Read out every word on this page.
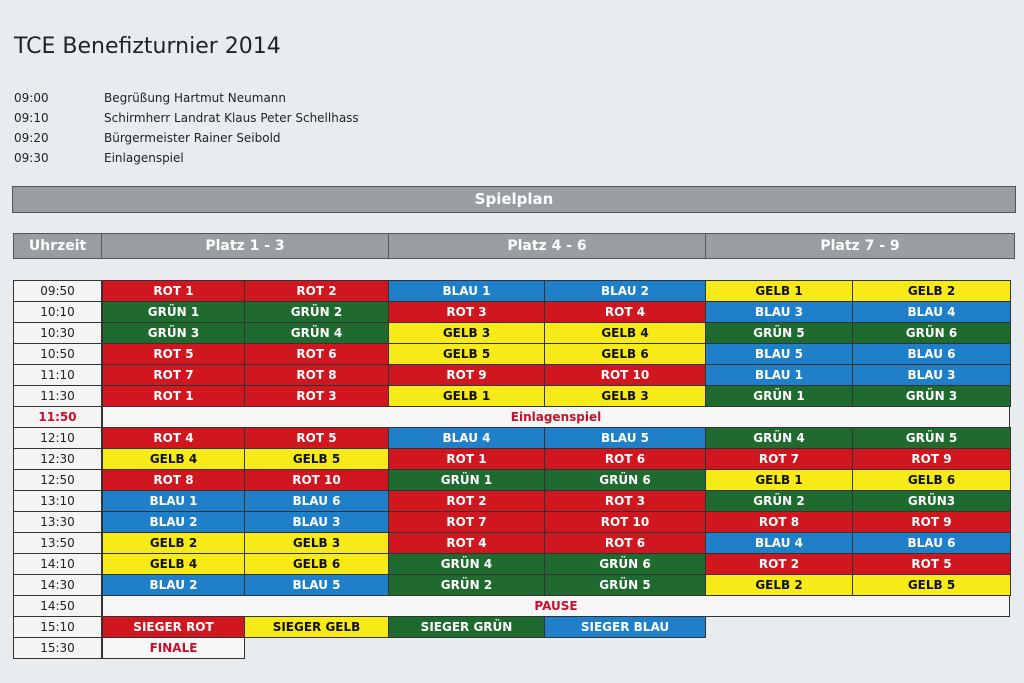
TCE Benefizturnier 2014
09:00	Begrüßung Hartmut Neumann
09:10	Schirmherr Landrat Klaus Peter Schellhass
09:20	Bürgermeister Rainer Seibold
09:30	Einlagenspiel
Spielplan
Uhrzeit	Platz 1 - 3	Platz 4 - 6	Platz 7 - 9
09:50	ROT 1	ROT 2	BLAU 1	BLAU 2	GELB 1	GELB 2
10:10	GRÜN 1	GRÜN 2	ROT 3	ROT 4	BLAU 3	BLAU 4
10:30	GRÜN 3	GRÜN 4	GELB 3	GELB 4	GRÜN 5	GRÜN 6
10:50	ROT 5	ROT 6	GELB 5	GELB 6	BLAU 5	BLAU 6
11:10	ROT 7	ROT 8	ROT 9	ROT 10	BLAU 1	BLAU 3
11:30	ROT 1	ROT 3	GELB 1	GELB 3	GRÜN 1	GRÜN 3
11:50	Einlagenspiel
12:10	ROT 4	ROT 5	BLAU 4	BLAU 5	GRÜN 4	GRÜN 5
12:30	GELB 4	GELB 5	ROT 1	ROT 6	ROT 7	ROT 9
12:50	ROT 8	ROT 10	GRÜN 1	GRÜN 6	GELB 1	GELB 6
13:10	BLAU 1	BLAU 6	ROT 2	ROT 3	GRÜN 2	GRÜN3
13:30	BLAU 2	BLAU 3	ROT 7	ROT 10	ROT 8	ROT 9
13:50	GELB 2	GELB 3	ROT 4	ROT 6	BLAU 4	BLAU 6
14:10	GELB 4	GELB 6	GRÜN 4	GRÜN 6	ROT 2	ROT 5
14:30	BLAU 2	BLAU 5	GRÜN 2	GRÜN 5	GELB 2	GELB 5
14:50	PAUSE
15:10	SIEGER ROT	SIEGER GELB	SIEGER GRÜN	SIEGER BLAU
15:30	FINALE
